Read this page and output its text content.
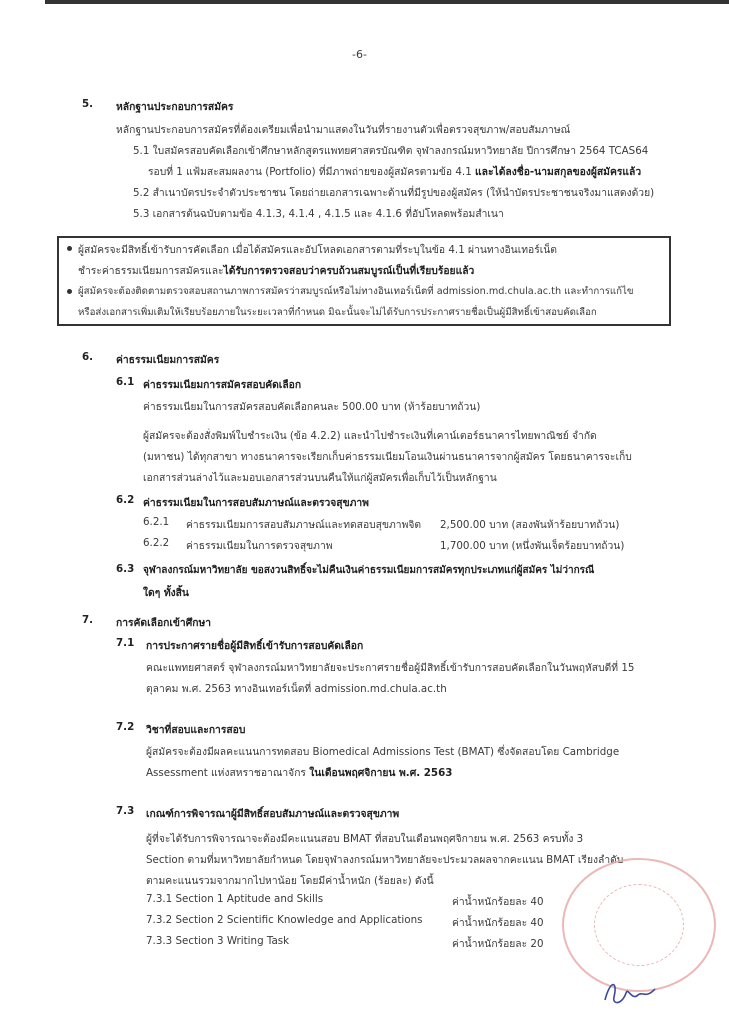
-6-
5. หลักฐานประกอบการสมัคร
หลักฐานประกอบการสมัครที่ต้องเตรียมเพื่อนำมาแสดงในวันที่รายงานตัวเพื่อตรวจสุขภาพ/สอบสัมภาษณ์
5.1 ใบสมัครสอบคัดเลือกเข้าศึกษาหลักสูตรแพทยศาสตรบัณฑิต จุฬาลงกรณ์มหาวิทยาลัย ปีการศึกษา 2564 TCAS64
รอบที่ 1 แฟ้มสะสมผลงาน (Portfolio) ที่มีภาพถ่ายของผู้สมัครตามข้อ 4.1 และได้ลงชื่อ-นามสกุลของผู้สมัครแล้ว
5.2 สำเนาบัตรประจำตัวประชาชน โดยถ่ายเอกสารเฉพาะด้านที่มีรูปของผู้สมัคร (ให้นำบัตรประชาชนจริงมาแสดงด้วย)
5.3 เอกสารต้นฉบับตามข้อ 4.1.3, 4.1.4 , 4.1.5 และ 4.1.6 ที่อัปโหลดพร้อมสำเนา
ผู้สมัครจะมีสิทธิ์เข้ารับการคัดเลือก เมื่อได้สมัครและอัปโหลดเอกสารตามที่ระบุในข้อ 4.1 ผ่านทางอินเทอร์เน็ต
ชำระค่าธรรมเนียมการสมัครและได้รับการตรวจสอบว่าครบถ้วนสมบูรณ์เป็นที่เรียบร้อยแล้ว
ผู้สมัครจะต้องติดตามตรวจสอบสถานภาพการสมัครว่าสมบูรณ์หรือไม่ทางอินเทอร์เน็ตที่ admission.md.chula.ac.th และทำการแก้ไข
หรือส่งเอกสารเพิ่มเติมให้เรียบร้อยภายในระยะเวลาที่กำหนด มิฉะนั้นจะไม่ได้รับการประกาศรายชื่อเป็นผู้มีสิทธิ์เข้าสอบคัดเลือก
6. ค่าธรรมเนียมการสมัคร
6.1 ค่าธรรมเนียมการสมัครสอบคัดเลือก
ค่าธรรมเนียมในการสมัครสอบคัดเลือกคนละ 500.00 บาท (ห้าร้อยบาทถ้วน)
ผู้สมัครจะต้องสั่งพิมพ์ใบชำระเงิน (ข้อ 4.2.2) และนำไปชำระเงินที่เคาน์เตอร์ธนาคารไทยพาณิชย์ จำกัด
(มหาชน) ได้ทุกสาขา ทางธนาคารจะเรียกเก็บค่าธรรมเนียมโอนเงินผ่านธนาคารจากผู้สมัคร โดยธนาคารจะเก็บ
เอกสารส่วนล่างไว้และมอบเอกสารส่วนบนคืนให้แก่ผู้สมัครเพื่อเก็บไว้เป็นหลักฐาน
6.2 ค่าธรรมเนียมในการสอบสัมภาษณ์และตรวจสุขภาพ
6.2.1 ค่าธรรมเนียมการสอบสัมภาษณ์และทดสอบสุขภาพจิต 2,500.00 บาท (สองพันห้าร้อยบาทถ้วน)
6.2.2 ค่าธรรมเนียมในการตรวจสุขภาพ	1,700.00 บาท (หนึ่งพันเจ็ดร้อยบาทถ้วน)
6.3 จุฬาลงกรณ์มหาวิทยาลัย ขอสงวนสิทธิ์จะไม่คืนเงินค่าธรรมเนียมการสมัครทุกประเภทแก่ผู้สมัคร ไม่ว่ากรณี
ใดๆ ทั้งสิ้น
7. การคัดเลือกเข้าศึกษา
7.1 การประกาศรายชื่อผู้มีสิทธิ์เข้ารับการสอบคัดเลือก
คณะแพทยศาสตร์ จุฬาลงกรณ์มหาวิทยาลัยจะประกาศรายชื่อผู้มีสิทธิ์เข้ารับการสอบคัดเลือกในวันพฤหัสบดีที่ 15
ตุลาคม พ.ศ. 2563 ทางอินเทอร์เน็ตที่ admission.md.chula.ac.th
7.2 วิชาที่สอบและการสอบ
ผู้สมัครจะต้องมีผลคะแนนการทดสอบ Biomedical Admissions Test (BMAT) ซึ่งจัดสอบโดย Cambridge
Assessment แห่งสหราชอาณาจักร ในเดือนพฤศจิกายน พ.ศ. 2563
7.3 เกณฑ์การพิจารณาผู้มีสิทธิ์สอบสัมภาษณ์และตรวจสุขภาพ
ผู้ที่จะได้รับการพิจารณาจะต้องมีคะแนนสอบ BMAT ที่สอบในเดือนพฤศจิกายน พ.ศ. 2563 ครบทั้ง 3
Section ตามที่มหาวิทยาลัยกำหนด โดยจุฬาลงกรณ์มหาวิทยาลัยจะประมวลผลจากคะแนน BMAT เรียงลำดับ
ตามคะแนนรวมจากมากไปหาน้อย โดยมีค่าน้ำหนัก (ร้อยละ) ดังนี้
7.3.1 Section 1 Aptitude and Skills	ค่าน้ำหนักร้อยละ 40
7.3.2 Section 2 Scientific Knowledge and Applications	ค่าน้ำหนักร้อยละ 40
7.3.3 Section 3 Writing Task	ค่าน้ำหนักร้อยละ 20
